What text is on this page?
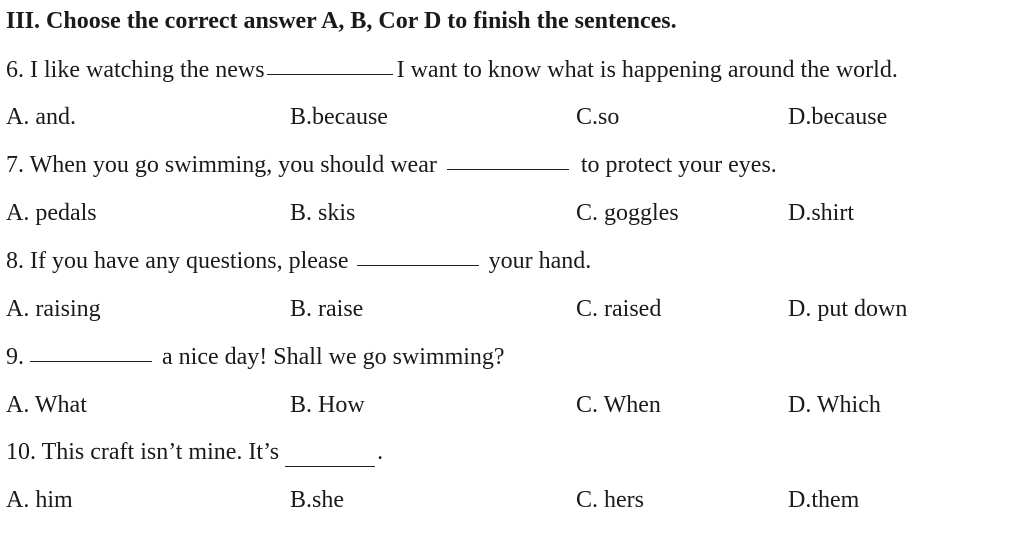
III. Choose the correct answer A, B, Cor D to finish the sentences.
6. I like watching the news	I want to know what is happening around the world.
A. and.	B.because	C.so	D.because
7. When you go swimming, you should wear	to protect your eyes.
A. pedals	B. skis	C. goggles	D.shirt
8. If you have any questions, please	your hand.
A. raising	B. raise	C. raised	D. put down
9.	a nice day! Shall we go swimming?
A. What	B. How	C. When	D. Which
10. This craft isn’t mine. It’s	.
A. him	B.she	C. hers	D.them
